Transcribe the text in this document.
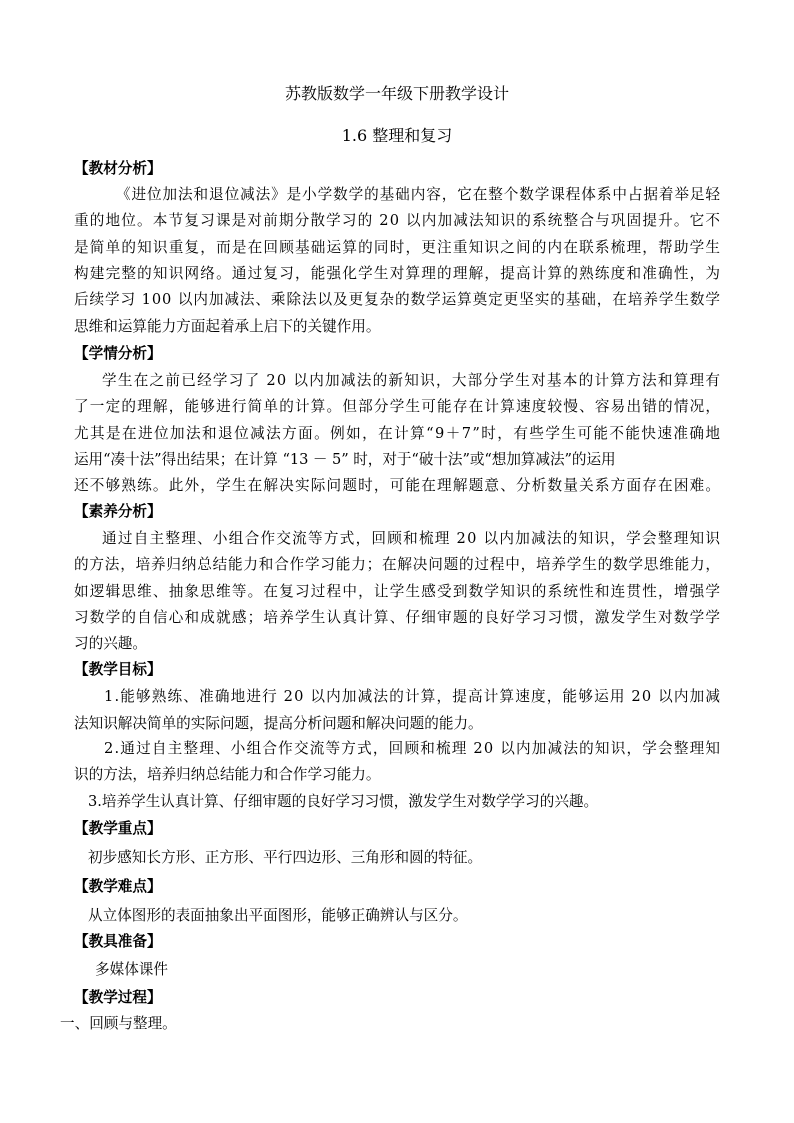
苏教版数学一年级下册教学设计
1.6 整理和复习
【教材分析】
《进位加法和退位减法》是小学数学的基础内容，它在整个数学课程体系中占据着举足轻
重的地位。本节复习课是对前期分散学习的 20 以内加减法知识的系统整合与巩固提升。它不
是简单的知识重复，而是在回顾基础运算的同时，更注重知识之间的内在联系梳理，帮助学生
构建完整的知识网络。通过复习，能强化学生对算理的理解，提高计算的熟练度和准确性，为
后续学习 100 以内加减法、乘除法以及更复杂的数学运算奠定更坚实的基础，在培养学生数学
思维和运算能力方面起着承上启下的关键作用。
【学情分析】
学生在之前已经学习了 20 以内加减法的新知识，大部分学生对基本的计算方法和算理有
了一定的理解，能够进行简单的计算。但部分学生可能存在计算速度较慢、容易出错的情况，
尤其是在进位加法和退位减法方面。例如，在计算“9＋7”时，有些学生可能不能快速准确地
运用“凑十法”得出结果；在计算 “13 － 5” 时，对于“破十法”或“想加算减法”的运用
还不够熟练。此外，学生在解决实际问题时，可能在理解题意、分析数量关系方面存在困难。
【素养分析】
通过自主整理、小组合作交流等方式，回顾和梳理 20 以内加减法的知识，学会整理知识
的方法，培养归纳总结能力和合作学习能力；在解决问题的过程中，培养学生的数学思维能力，
如逻辑思维、抽象思维等。在复习过程中，让学生感受到数学知识的系统性和连贯性，增强学
习数学的自信心和成就感；培养学生认真计算、仔细审题的良好学习习惯，激发学生对数学学
习的兴趣。
【教学目标】
1.能够熟练、准确地进行 20 以内加减法的计算，提高计算速度，能够运用 20 以内加减
法知识解决简单的实际问题，提高分析问题和解决问题的能力。
2.通过自主整理、小组合作交流等方式，回顾和梳理 20 以内加减法的知识，学会整理知
识的方法，培养归纳总结能力和合作学习能力。
3.培养学生认真计算、仔细审题的良好学习习惯，激发学生对数学学习的兴趣。
【教学重点】
初步感知长方形、正方形、平行四边形、三角形和圆的特征。
【教学难点】
从立体图形的表面抽象出平面图形，能够正确辨认与区分。
【教具准备】
多媒体课件
【教学过程】
一、回顾与整理。
